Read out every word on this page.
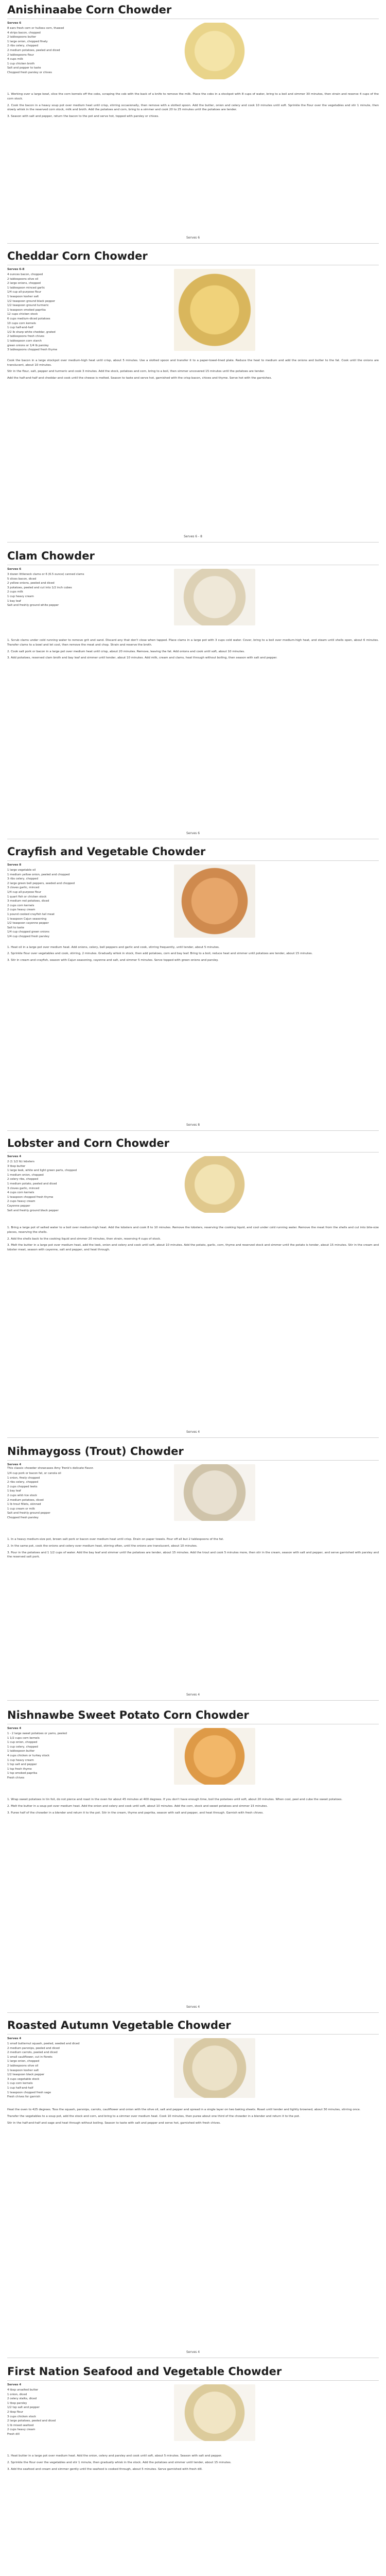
Anishinaabe Corn Chowder
Serves 6
8 ears fresh corn or hulless corn, thawed
4 strips bacon, chopped
2 tablespoons butter
1 large onion, chopped finely
2 ribs celery, chopped
2 medium potatoes, peeled and diced
2 tablespoons flour
4 cups milk
1 cup chicken broth
Salt and pepper to taste
Chopped fresh parsley or chives

1. Working over a large bowl, slice the corn kernels off the cobs, scraping the cob with the back of a knife to remove the milk. Place the cobs in a stockpot with 8 cups of water, bring to a boil and simmer 30 minutes, then strain and reserve 4 cups of the corn stock.

2. Cook the bacon in a heavy soup pot over medium heat until crisp, stirring occasionally, then remove with a slotted spoon. Add the butter, onion and celery and cook 10 minutes until soft. Sprinkle the flour over the vegetables and stir 1 minute, then slowly whisk in the reserved corn stock, milk and broth. Add the potatoes and corn, bring to a simmer and cook 20 to 25 minutes until the potatoes are tender.

3. Season with salt and pepper, return the bacon to the pot and serve hot, topped with parsley or chives.

Serves 6
Cheddar Corn Chowder
Serves 6-8
4 ounces bacon, chopped
2 tablespoons olive oil
2 large onions, chopped
1 tablespoon minced garlic
1/4 cup all-purpose flour
1 teaspoon kosher salt
1/2 teaspoon ground black pepper
1/2 teaspoon ground turmeric
1 teaspoon smoked paprika
12 cups chicken stock
6 cups medium-diced potatoes
10 cups corn kernels
1 cup half-and-half
1/2 lb sharp white cheddar, grated
2 tablespoons fresh chives
1 tablespoon corn starch
green onions or 1/4 lb parsley
3 tablespoons chopped fresh thyme

Cook the bacon in a large stockpot over medium-high heat until crisp, about 5 minutes. Use a slotted spoon and transfer it to a paper-towel-lined plate. Reduce the heat to medium and add the onions and butter to the fat. Cook until the onions are translucent, about 10 minutes.

Stir in the flour, salt, pepper and turmeric and cook 3 minutes. Add the stock, potatoes and corn, bring to a boil, then simmer uncovered 15 minutes until the potatoes are tender.

Add the half-and-half and cheddar and cook until the cheese is melted. Season to taste and serve hot, garnished with the crisp bacon, chives and thyme. Serve hot with the garnishes.

Serves 6 - 8
Clam Chowder
Serves 6
3 dozen littleneck clams or 6 (6.5 ounce) canned clams
5 slices bacon, diced
2 yellow onions, peeled and diced
3 potatoes, peeled and cut into 1/2 inch cubes
2 cups milk
1 cup heavy cream
1 bay leaf
Salt and freshly ground white pepper

1. Scrub clams under cold running water to remove grit and sand. Discard any that don't close when tapped. Place clams in a large pot with 3 cups cold water. Cover, bring to a boil over medium-high heat, and steam until shells open, about 6 minutes. Transfer clams to a bowl and let cool, then remove the meat and chop. Strain and reserve the broth.

2. Cook salt pork or bacon in a large pot over medium heat until crisp, about 20 minutes. Remove, leaving the fat. Add onions and cook until soft, about 10 minutes.

3. Add potatoes, reserved clam broth and bay leaf and simmer until tender, about 10 minutes. Add milk, cream and clams, heat through without boiling, then season with salt and pepper.

Serves 6
Crayfish and Vegetable Chowder
Serves 8
1 large vegetable oil
1 medium yellow onion, peeled and chopped
3 ribs celery, chopped
2 large green bell peppers, seeded and chopped
3 cloves garlic, minced
1/4 cup all-purpose flour
1 quart fish or chicken stock
3 medium red potatoes, diced
2 cups corn kernels
2 cups heavy cream
1 pound cooked crayfish tail meat
1 teaspoon Cajun seasoning
1/2 teaspoon cayenne pepper
Salt to taste
1/4 cup chopped green onions
1/4 cup chopped fresh parsley

1. Heat oil in a large pot over medium heat. Add onions, celery, bell peppers and garlic and cook, stirring frequently, until tender, about 5 minutes.

2. Sprinkle flour over vegetables and cook, stirring, 2 minutes. Gradually whisk in stock, then add potatoes, corn and bay leaf. Bring to a boil, reduce heat and simmer until potatoes are tender, about 15 minutes.

3. Stir in cream and crayfish, season with Cajun seasoning, cayenne and salt, and simmer 5 minutes. Serve topped with green onions and parsley.

Serves 8
Lobster and Corn Chowder
Serves 4
2 (1 1/2 lb) lobsters
3 tbsp butter
1 large leek, white and light green parts, chopped
1 medium onion, chopped
2 celery ribs, chopped
1 medium potato, peeled and diced
3 cloves garlic, minced
4 cups corn kernels
1 teaspoon chopped fresh thyme
2 cups heavy cream
Cayenne pepper
Salt and freshly ground black pepper

1. Bring a large pot of salted water to a boil over medium-high heat. Add the lobsters and cook 8 to 10 minutes. Remove the lobsters, reserving the cooking liquid, and cool under cold running water. Remove the meat from the shells and cut into bite-size pieces, reserving the shells.

2. Add the shells back to the cooking liquid and simmer 20 minutes, then strain, reserving 4 cups of stock.

3. Melt the butter in a large pot over medium heat, add the leek, onion and celery and cook until soft, about 10 minutes. Add the potato, garlic, corn, thyme and reserved stock and simmer until the potato is tender, about 15 minutes. Stir in the cream and lobster meat, season with cayenne, salt and pepper, and heat through.

Serves 4
Nihmaygoss (Trout) Chowder
Serves 4
This classic chowder showcases Amy Trenk's delicate flavor.
1/4 cup pork or bacon fat, or canola oil
1 onion, finely chopped
2 ribs celery, chopped
2 cups chopped leeks
1 bay leaf
2 cups wild rice stock
2 medium potatoes, diced
1 lb trout fillets, skinned
1 cup cream or milk
Salt and freshly ground pepper
Chopped fresh parsley

1. In a heavy medium-size pot, brown salt pork or bacon over medium heat until crisp. Drain on paper towels. Pour off all but 2 tablespoons of the fat.

2. In the same pot, cook the onions and celery over medium heat, stirring often, until the onions are translucent, about 10 minutes.

3. Pour in the potatoes and 1 1/2 cups of water. Add the bay leaf and simmer until the potatoes are tender, about 15 minutes. Add the trout and cook 5 minutes more, then stir in the cream, season with salt and pepper, and serve garnished with parsley and the reserved salt pork.

Serves 4
Nishnawbe Sweet Potato Corn Chowder
Serves 4
1 - 2 large sweet potatoes or yams, peeled
1 1/2 cups corn kernels
1 cup onion, chopped
1 cup celery, chopped
1 tablespoon butter
4 cups chicken or turkey stock
1 cup heavy cream
1 tsp salt and pepper
1 tsp fresh thyme
1 tsp smoked paprika
Fresh chives

1. Wrap sweet potatoes in tin foil, do not pierce and roast in the oven for about 45 minutes at 400 degrees. If you don't have enough time, boil the potatoes until soft, about 20 minutes. When cool, peel and cube the sweet potatoes.

2. Melt the butter in a soup pot over medium heat. Add the onion and celery and cook until soft, about 10 minutes. Add the corn, stock and sweet potatoes and simmer 15 minutes.

3. Puree half of the chowder in a blender and return it to the pot. Stir in the cream, thyme and paprika, season with salt and pepper, and heat through. Garnish with fresh chives.

Serves 4
Roasted Autumn Vegetable Chowder
Serves 4
1 small butternut squash, peeled, seeded and diced
2 medium parsnips, peeled and diced
2 medium carrots, peeled and diced
1 small cauliflower, cut in florets
1 large onion, chopped
2 tablespoons olive oil
1 teaspoon kosher salt
1/2 teaspoon black pepper
3 cups vegetable stock
1 cup corn kernels
1 cup half-and-half
1 teaspoon chopped fresh sage
Fresh chives for garnish

Heat the oven to 425 degrees. Toss the squash, parsnips, carrots, cauliflower and onion with the olive oil, salt and pepper and spread in a single layer on two baking sheets. Roast until tender and lightly browned, about 30 minutes, stirring once.

Transfer the vegetables to a soup pot, add the stock and corn, and bring to a simmer over medium heat. Cook 10 minutes, then puree about one third of the chowder in a blender and return it to the pot.

Stir in the half-and-half and sage and heat through without boiling. Season to taste with salt and pepper and serve hot, garnished with fresh chives.

Serves 4
First Nation Seafood and Vegetable Chowder
Serves 4
4 tbsp unsalted butter
1 onion, diced
2 celery stalks, diced
1 tbsp parsley
1/2 tsp salt and pepper
2 tbsp flour
3 cups chicken stock
2 large potatoes, peeled and diced
1 lb mixed seafood
2 cups heavy cream
Fresh dill

1. Heat butter in a large pot over medium heat. Add the onion, celery and parsley and cook until soft, about 5 minutes. Season with salt and pepper.

2. Sprinkle the flour over the vegetables and stir 1 minute, then gradually whisk in the stock. Add the potatoes and simmer until tender, about 15 minutes.

3. Add the seafood and cream and simmer gently until the seafood is cooked through, about 5 minutes. Serve garnished with fresh dill.
